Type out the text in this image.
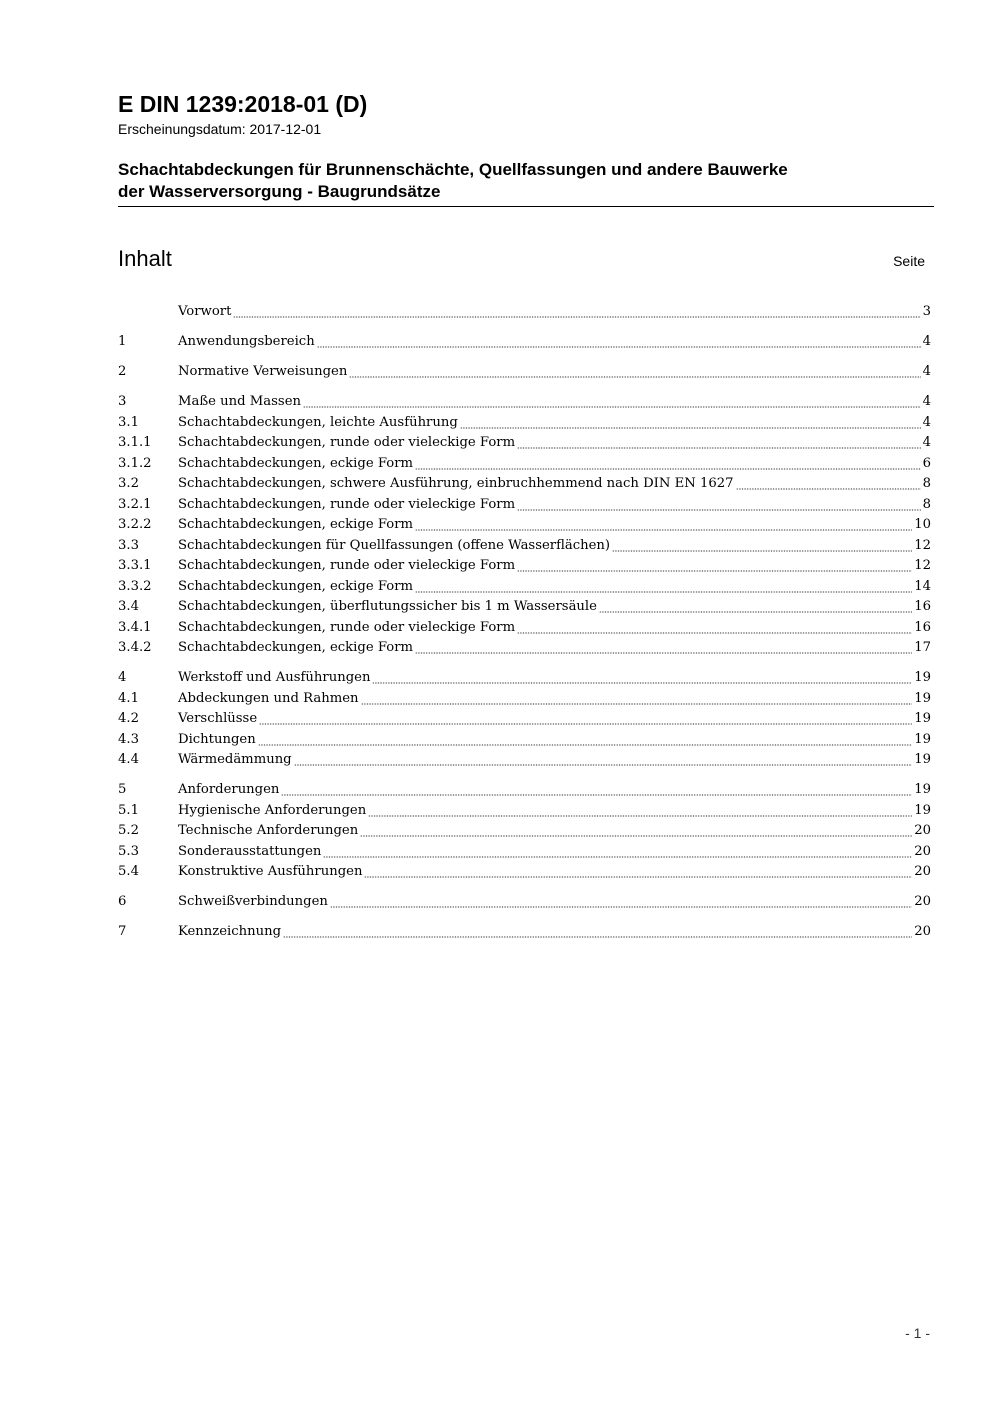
E DIN 1239:2018-01 (D)
Erscheinungsdatum: 2017-12-01
Schachtabdeckungen für Brunnenschächte, Quellfassungen und andere Bauwerke
der Wasserversorgung - Baugrundsätze
Inhalt	Seite
Vorwort	3
1	Anwendungsbereich	4
2	Normative Verweisungen	4
3	Maße und Massen	4
3.1	Schachtabdeckungen, leichte Ausführung	4
3.1.1	Schachtabdeckungen, runde oder vieleckige Form	4
3.1.2	Schachtabdeckungen, eckige Form	6
3.2	Schachtabdeckungen, schwere Ausführung, einbruchhemmend nach DIN EN 1627	8
3.2.1	Schachtabdeckungen, runde oder vieleckige Form	8
3.2.2	Schachtabdeckungen, eckige Form	10
3.3	Schachtabdeckungen für Quellfassungen (offene Wasserflächen)	12
3.3.1	Schachtabdeckungen, runde oder vieleckige Form	12
3.3.2	Schachtabdeckungen, eckige Form	14
3.4	Schachtabdeckungen, überflutungssicher bis 1 m Wassersäule	16
3.4.1	Schachtabdeckungen, runde oder vieleckige Form	16
3.4.2	Schachtabdeckungen, eckige Form	17
4	Werkstoff und Ausführungen	19
4.1	Abdeckungen und Rahmen	19
4.2	Verschlüsse	19
4.3	Dichtungen	19
4.4	Wärmedämmung	19
5	Anforderungen	19
5.1	Hygienische Anforderungen	19
5.2	Technische Anforderungen	20
5.3	Sonderausstattungen	20
5.4	Konstruktive Ausführungen	20
6	Schweißverbindungen	20
7	Kennzeichnung	20
- 1 -
